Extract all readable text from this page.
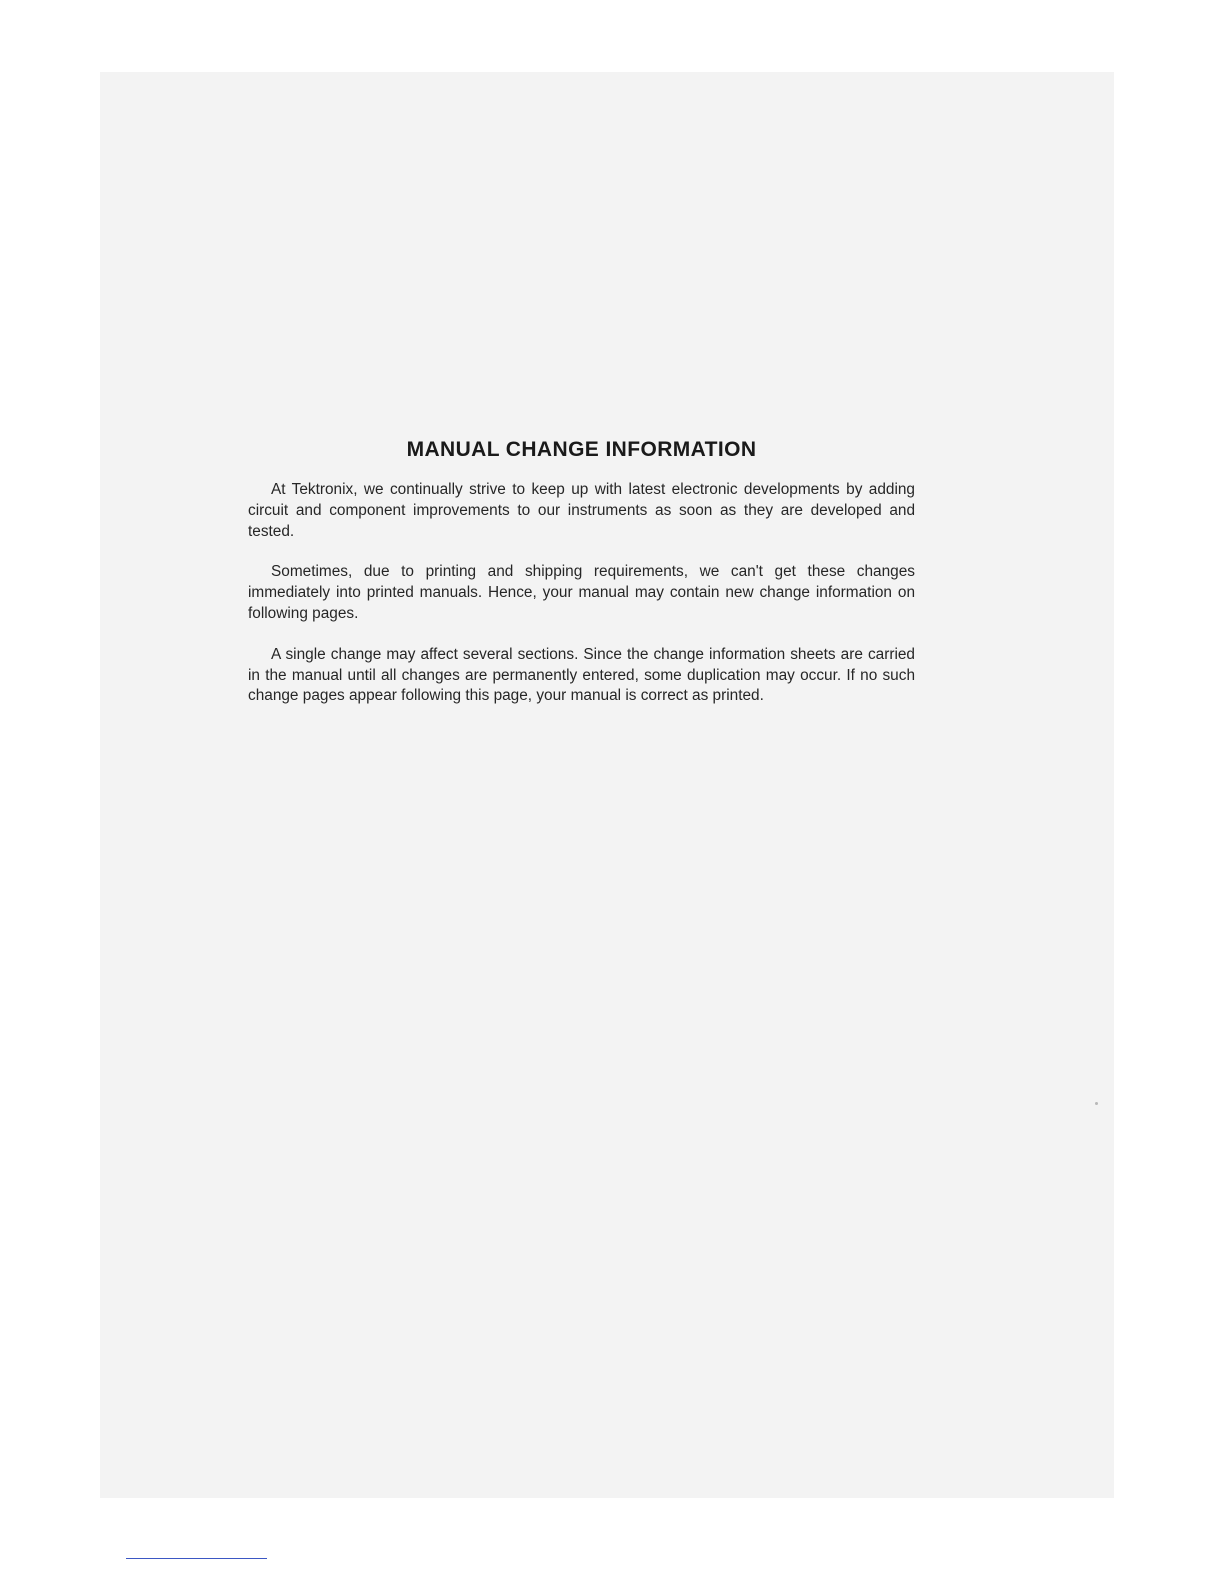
MANUAL CHANGE INFORMATION

At Tektronix, we continually strive to keep up with latest electronic developments by adding circuit and component improvements to our instruments as soon as they are developed and tested.

Sometimes, due to printing and shipping requirements, we can't get these changes immediately into printed manuals. Hence, your manual may contain new change information on following pages.

A single change may affect several sections. Since the change information sheets are carried in the manual until all changes are permanently entered, some duplication may occur. If no such change pages appear following this page, your manual is correct as printed.
